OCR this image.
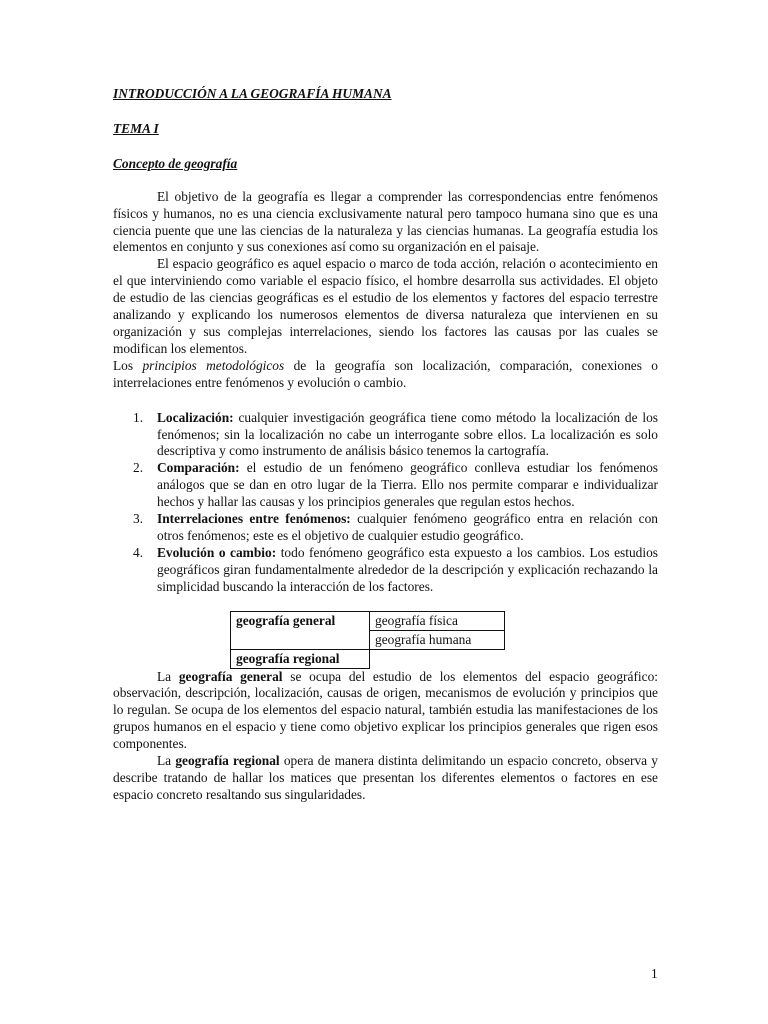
INTRODUCCIÓN A LA GEOGRAFÍA HUMANA

TEMA I

Concepto de geografía

El objetivo de la geografía es llegar a comprender las correspondencias entre fenómenos físicos y humanos, no es una ciencia exclusivamente natural pero tampoco humana sino que es una ciencia puente que une las ciencias de la naturaleza y las ciencias humanas. La geografía estudia los elementos en conjunto y sus conexiones así como su organización en el paisaje.

El espacio geográfico es aquel espacio o marco de toda acción, relación o acontecimiento en el que interviniendo como variable el espacio físico, el hombre desarrolla sus actividades. El objeto de estudio de las ciencias geográficas es el estudio de los elementos y factores del espacio terrestre analizando y explicando los numerosos elementos de diversa naturaleza que intervienen en su organización y sus complejas interrelaciones, siendo los factores las causas por las cuales se modifican los elementos.

Los principios metodológicos de la geografía son localización, comparación, conexiones o interrelaciones entre fenómenos y evolución o cambio.

1. Localización: cualquier investigación geográfica tiene como método la localización de los fenómenos; sin la localización no cabe un interrogante sobre ellos. La localización es solo descriptiva y como instrumento de análisis básico tenemos la cartografía.
2. Comparación: el estudio de un fenómeno geográfico conlleva estudiar los fenómenos análogos que se dan en otro lugar de la Tierra. Ello nos permite comparar e individualizar hechos y hallar las causas y los principios generales que regulan estos hechos.
3. Interrelaciones entre fenómenos: cualquier fenómeno geográfico entra en relación con otros fenómenos; este es el objetivo de cualquier estudio geográfico.
4. Evolución o cambio: todo fenómeno geográfico esta expuesto a los cambios. Los estudios geográficos giran fundamentalmente alrededor de la descripción y explicación rechazando la simplicidad buscando la interacción de los factores.
geografía general	geografía física
	geografía humana
geografía regional	

La geografía general se ocupa del estudio de los elementos del espacio geográfico: observación, descripción, localización, causas de origen, mecanismos de evolución y principios que lo regulan. Se ocupa de los elementos del espacio natural, también estudia las manifestaciones de los grupos humanos en el espacio y tiene como objetivo explicar los principios generales que rigen esos componentes.

La geografía regional opera de manera distinta delimitando un espacio concreto, observa y describe tratando de hallar los matices que presentan los diferentes elementos o factores en ese espacio concreto resaltando sus singularidades.

1
